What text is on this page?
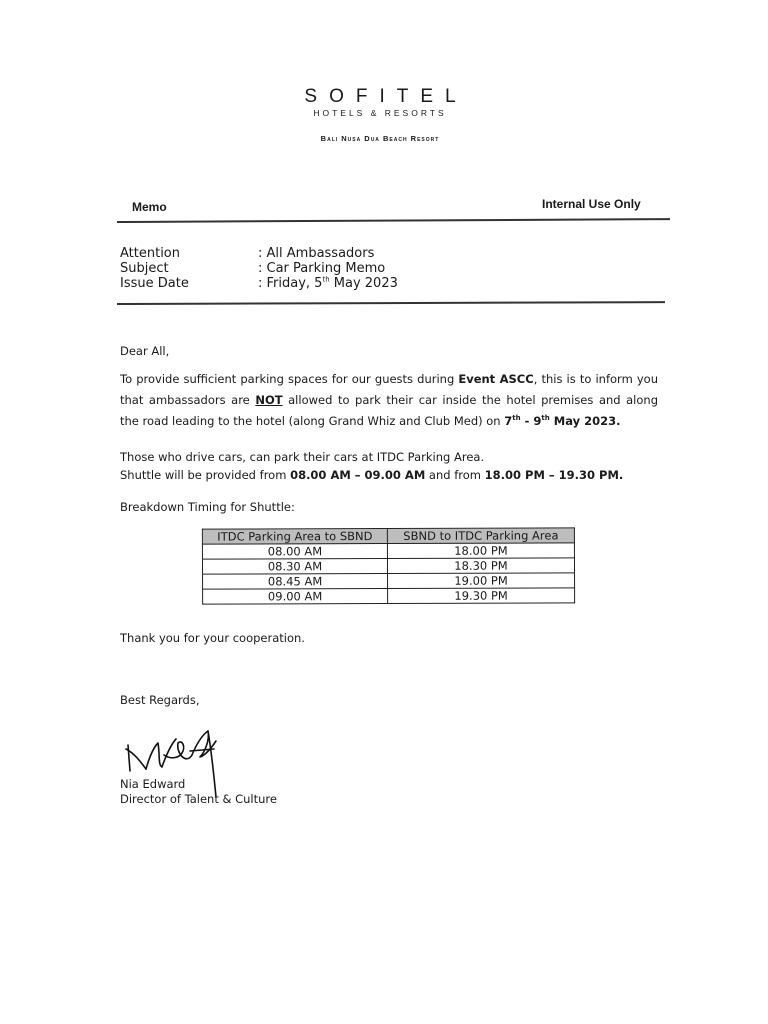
SOFITEL
HOTELS & RESORTS
Bali Nusa Dua Beach Resort
Memo	Internal Use Only
Attention	: All Ambassadors
Subject	: Car Parking Memo
Issue Date	: Friday, 5th May 2023
Dear All,
To provide sufficient parking spaces for our guests during Event ASCC, this is to inform you
that ambassadors are NOT allowed to park their car inside the hotel premises and along
the road leading to the hotel (along Grand Whiz and Club Med) on 7th - 9th May 2023.
Those who drive cars, can park their cars at ITDC Parking Area.
Shuttle will be provided from 08.00 AM – 09.00 AM and from 18.00 PM – 19.30 PM.
Breakdown Timing for Shuttle:
ITDC Parking Area to SBND	SBND to ITDC Parking Area
08.00 AM	18.00 PM
08.30 AM	18.30 PM
08.45 AM	19.00 PM
09.00 AM	19.30 PM
Thank you for your cooperation.
Best Regards,
Nia Edward
Director of Talent & Culture
